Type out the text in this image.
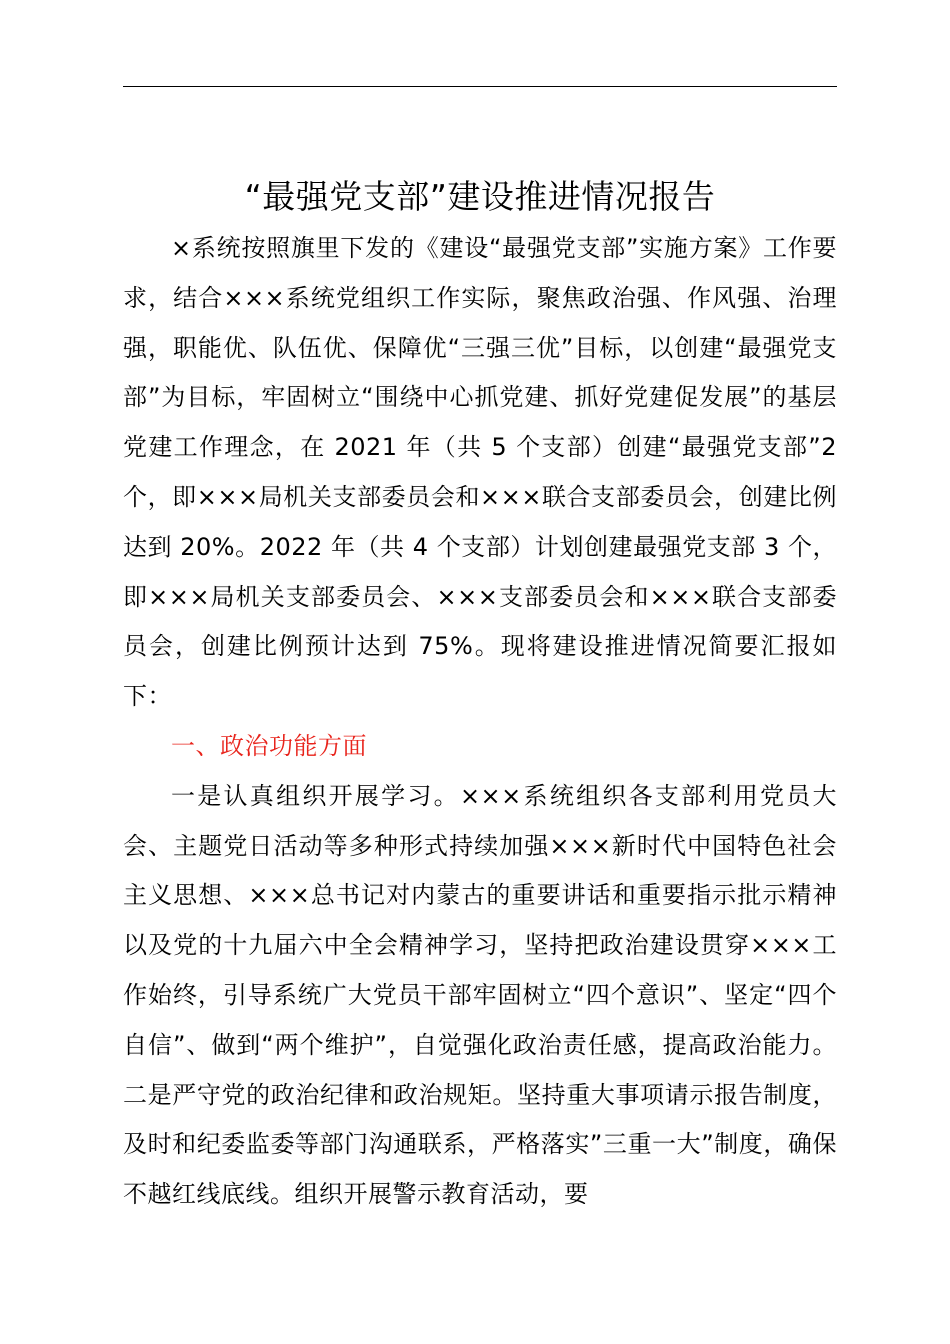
“最强党支部”建设推进情况报告

×系统按照旗里下发的《建设“最强党支部”实施方案》工作要求，结合×××系统党组织工作实际，聚焦政治强、作风强、治理强，职能优、队伍优、保障优“三强三优”目标，以创建“最强党支部”为目标，牢固树立“围绕中心抓党建、抓好党建促发展”的基层党建工作理念，在 2021 年（共 5 个支部）创建“最强党支部”2 个，即×××局机关支部委员会和×××联合支部委员会，创建比例达到 20%。2022 年（共 4 个支部）计划创建最强党支部 3 个，即×××局机关支部委员会、×××支部委员会和×××联合支部委员会，创建比例预计达到 75%。现将建设推进情况简要汇报如下：

一、政治功能方面

一是认真组织开展学习。×××系统组织各支部利用党员大会、主题党日活动等多种形式持续加强×××新时代中国特色社会主义思想、×××总书记对内蒙古的重要讲话和重要指示批示精神以及党的十九届六中全会精神学习，坚持把政治建设贯穿×××工作始终，引导系统广大党员干部牢固树立“四个意识”、坚定“四个自信”、做到“两个维护”，自觉强化政治责任感，提高政治能力。二是严守党的政治纪律和政治规矩。坚持重大事项请示报告制度，及时和纪委监委等部门沟通联系，严格落实”三重一大”制度，确保不越红线底线。组织开展警示教育活动，要
